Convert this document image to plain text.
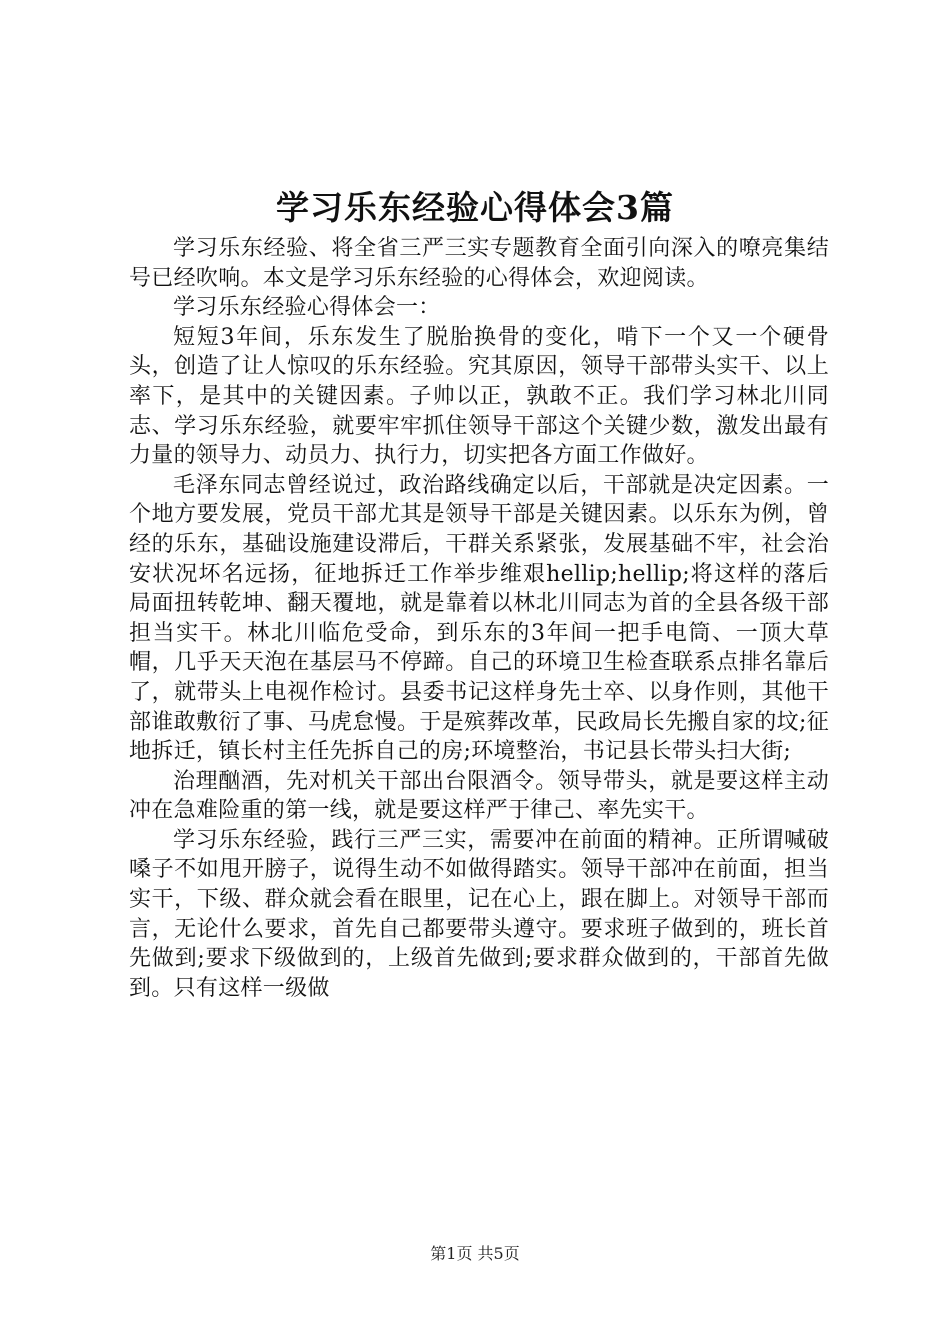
学习乐东经验心得体会3篇

学习乐东经验、将全省三严三实专题教育全面引向深入的嘹亮集结号已经吹响。本文是学习乐东经验的心得体会，欢迎阅读。

学习乐东经验心得体会一：

短短3年间，乐东发生了脱胎换骨的变化，啃下一个又一个硬骨头，创造了让人惊叹的乐东经验。究其原因，领导干部带头实干、以上率下，是其中的关键因素。子帅以正，孰敢不正。我们学习林北川同志、学习乐东经验，就要牢牢抓住领导干部这个关键少数，激发出最有力量的领导力、动员力、执行力，切实把各方面工作做好。

毛泽东同志曾经说过，政治路线确定以后，干部就是决定因素。一个地方要发展，党员干部尤其是领导干部是关键因素。以乐东为例，曾经的乐东，基础设施建设滞后，干群关系紧张，发展基础不牢，社会治安状况坏名远扬，征地拆迁工作举步维艰hellip;hellip;将这样的落后局面扭转乾坤、翻天覆地，就是靠着以林北川同志为首的全县各级干部担当实干。林北川临危受命，到乐东的3年间一把手电筒、一顶大草帽，几乎天天泡在基层马不停蹄。自己的环境卫生检查联系点排名靠后了，就带头上电视作检讨。县委书记这样身先士卒、以身作则，其他干部谁敢敷衍了事、马虎怠慢。于是殡葬改革，民政局长先搬自家的坟;征地拆迁，镇长村主任先拆自己的房;环境整治，书记县长带头扫大街;

治理酗酒，先对机关干部出台限酒令。领导带头，就是要这样主动冲在急难险重的第一线，就是要这样严于律己、率先实干。

学习乐东经验，践行三严三实，需要冲在前面的精神。正所谓喊破嗓子不如甩开膀子，说得生动不如做得踏实。领导干部冲在前面，担当实干，下级、群众就会看在眼里，记在心上，跟在脚上。对领导干部而言，无论什么要求，首先自己都要带头遵守。要求班子做到的，班长首先做到;要求下级做到的，上级首先做到;要求群众做到的，干部首先做到。只有这样一级做

第1页 共5页
